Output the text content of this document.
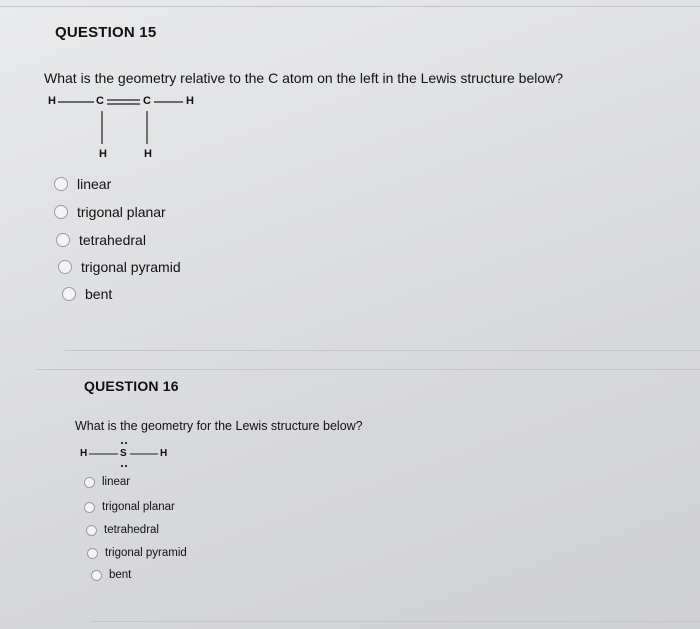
QUESTION 15
What is the geometry relative to the C atom on the left in the Lewis structure below?
H	C	C	H
H	H
linear
trigonal planar
tetrahedral
trigonal pyramid
bent
QUESTION 16
What is the geometry for the Lewis structure below?
H	S	H
linear
trigonal planar
tetrahedral
trigonal pyramid
bent
